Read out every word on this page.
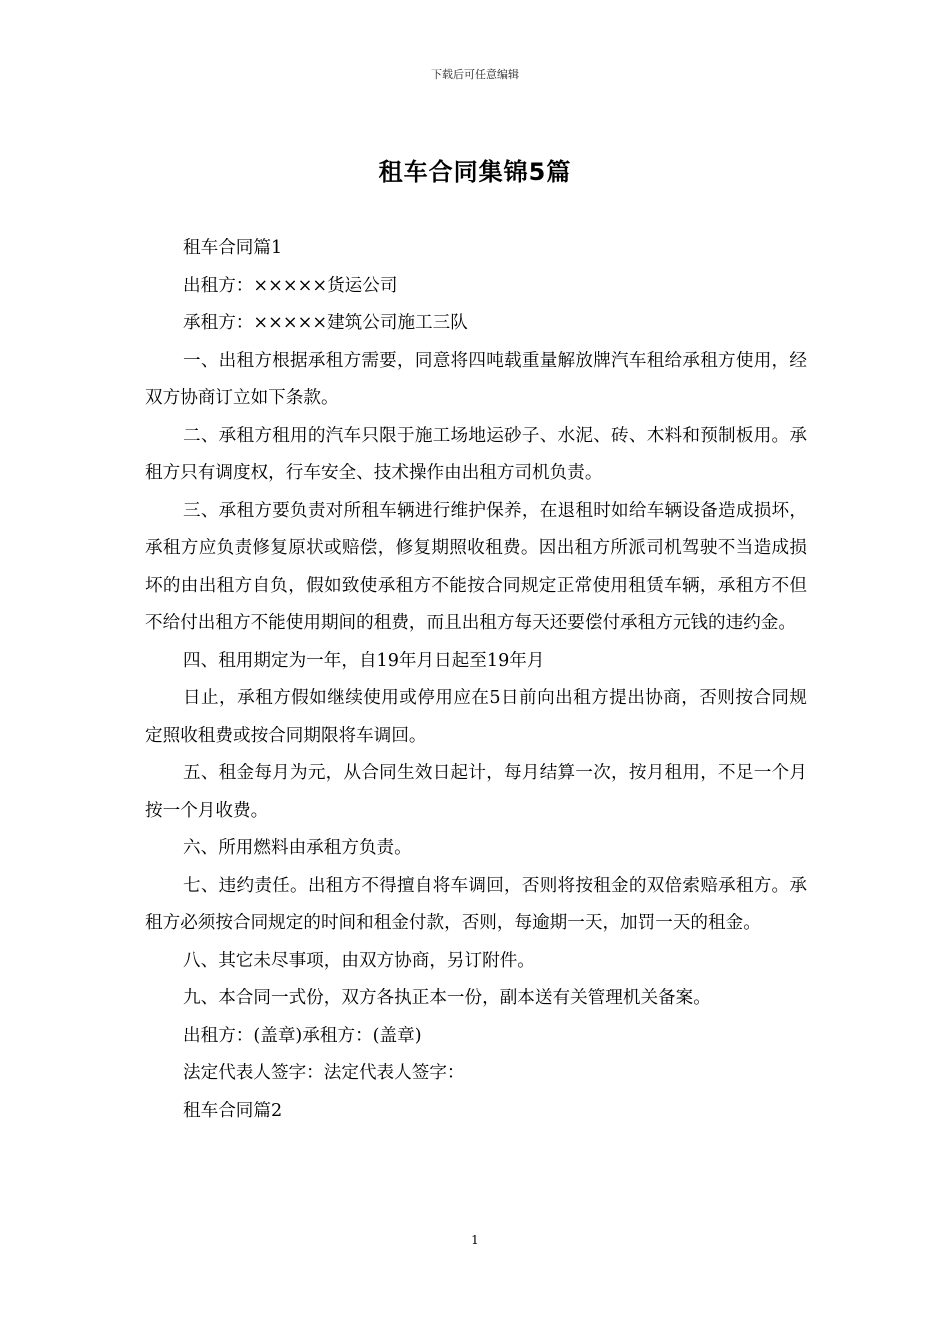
下载后可任意编辑
租车合同集锦5篇

租车合同篇1

出租方：×××××货运公司

承租方：×××××建筑公司施工三队

一、出租方根据承租方需要，同意将四吨载重量解放牌汽车租给承租方使用，经双方协商订立如下条款。

二、承租方租用的汽车只限于施工场地运砂子、水泥、砖、木料和预制板用。承租方只有调度权，行车安全、技术操作由出租方司机负责。

三、承租方要负责对所租车辆进行维护保养，在退租时如给车辆设备造成损坏，承租方应负责修复原状或赔偿，修复期照收租费。因出租方所派司机驾驶不当造成损坏的由出租方自负，假如致使承租方不能按合同规定正常使用租赁车辆，承租方不但不给付出租方不能使用期间的租费，而且出租方每天还要偿付承租方元钱的违约金。

四、租用期定为一年，自19年月日起至19年月

日止，承租方假如继续使用或停用应在5日前向出租方提出协商，否则按合同规定照收租费或按合同期限将车调回。

五、租金每月为元，从合同生效日起计，每月结算一次，按月租用，不足一个月按一个月收费。

六、所用燃料由承租方负责。

七、违约责任。出租方不得擅自将车调回，否则将按租金的双倍索赔承租方。承租方必须按合同规定的时间和租金付款，否则，每逾期一天，加罚一天的租金。

八、其它未尽事项，由双方协商，另订附件。

九、本合同一式份，双方各执正本一份，副本送有关管理机关备案。

出租方：(盖章)承租方：(盖章)

法定代表人签字：法定代表人签字：

租车合同篇2

1
